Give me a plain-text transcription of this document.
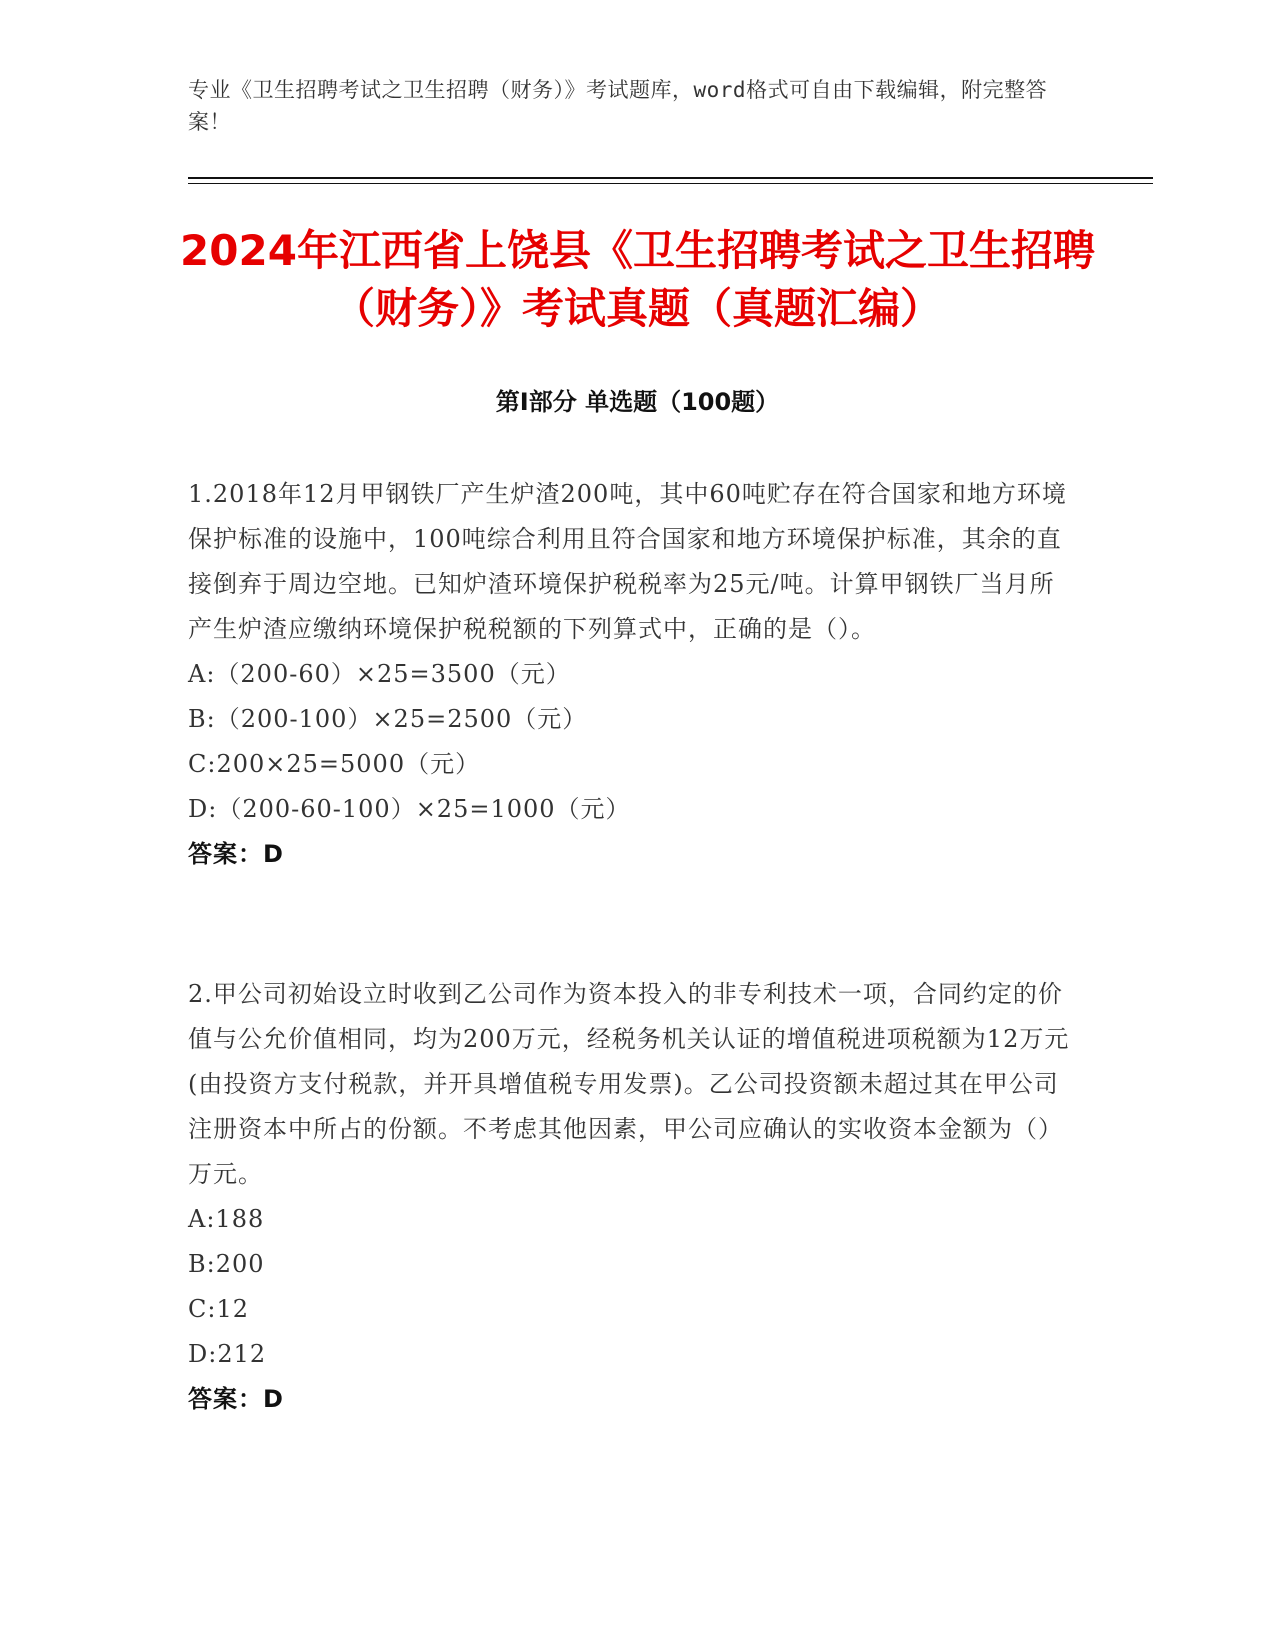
专业《卫生招聘考试之卫生招聘（财务）》考试题库，word格式可自由下载编辑，附完整答案！
2024年江西省上饶县《卫生招聘考试之卫生招聘（财务）》考试真题（真题汇编）
第Ⅰ部分 单选题（100题）

1.2018年12月甲钢铁厂产生炉渣200吨，其中60吨贮存在符合国家和地方环境保护标准的设施中，100吨综合利用且符合国家和地方环境保护标准，其余的直接倒弃于周边空地。已知炉渣环境保护税税率为25元/吨。计算甲钢铁厂当月所产生炉渣应缴纳环境保护税税额的下列算式中，正确的是（）。

A:（200-60）×25=3500（元）

B:（200-100）×25=2500（元）

C:200×25=5000（元）

D:（200-60-100）×25=1000（元）

答案：D

2.甲公司初始设立时收到乙公司作为资本投入的非专利技术一项，合同约定的价值与公允价值相同，均为200万元，经税务机关认证的增值税进项税额为12万元(由投资方支付税款，并开具增值税专用发票)。乙公司投资额未超过其在甲公司注册资本中所占的份额。不考虑其他因素，甲公司应确认的实收资本金额为（）万元。

A:188

B:200

C:12

D:212

答案：D
